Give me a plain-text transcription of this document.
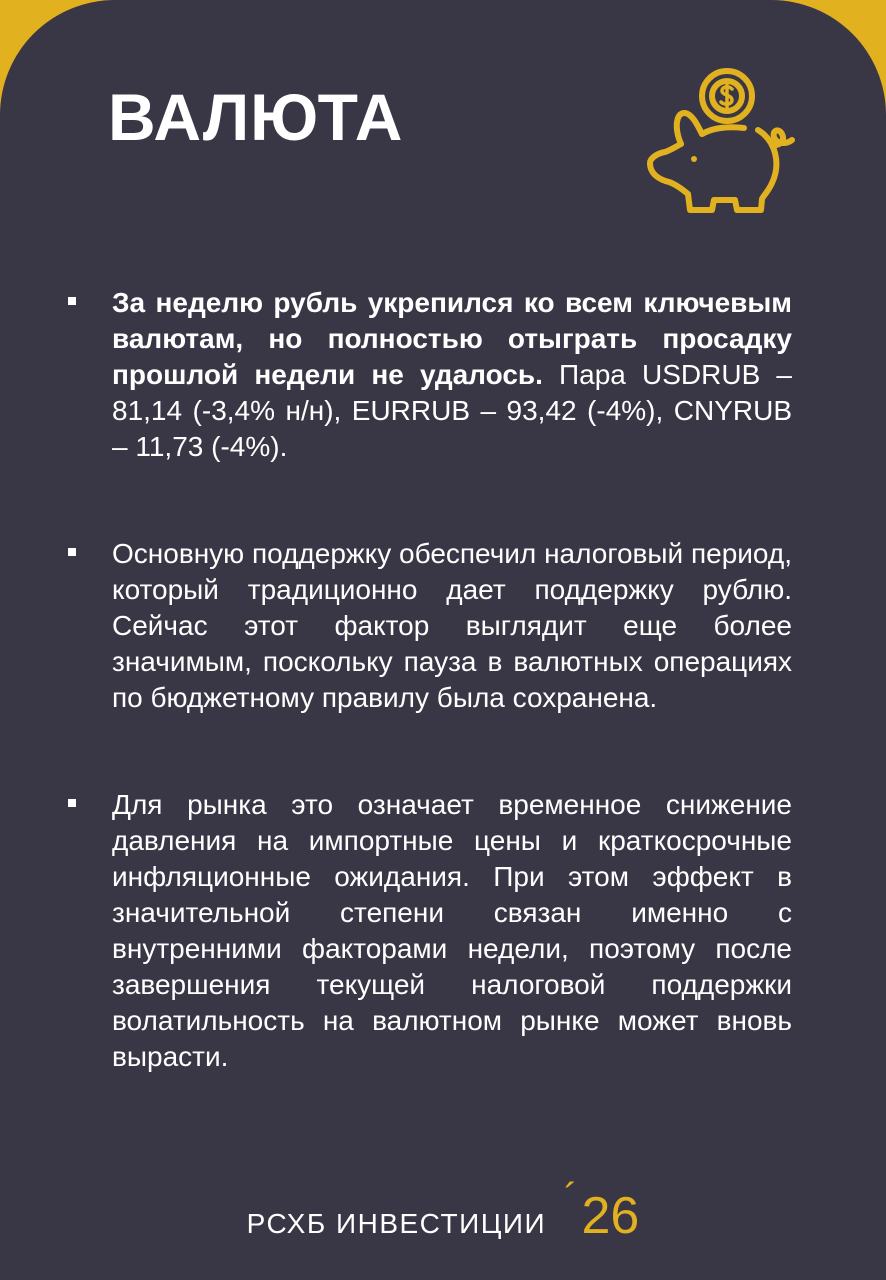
ВАЛЮТА
За неделю рубль укрепился ко всем ключевым валютам, но полностью отыграть просадку прошлой недели не удалось. Пара USDRUB – 81,14 (-3,4% н/н), EURRUB – 93,42 (-4%), CNYRUB – 11,73 (-4%).
Основную поддержку обеспечил налоговый период, который традиционно дает поддержку рублю. Сейчас этот фактор выглядит еще более значимым, поскольку пауза в валютных операциях по бюджетному правилу была сохранена.
Для рынка это означает временное снижение давления на импортные цены и краткосрочные инфляционные ожидания. При этом эффект в значительной степени связан именно с внутренними факторами недели, поэтому после завершения текущей налоговой поддержки волатильность на валютном рынке может вновь вырасти.
РСХБ ИНВЕСТИЦИИ
´ 26
